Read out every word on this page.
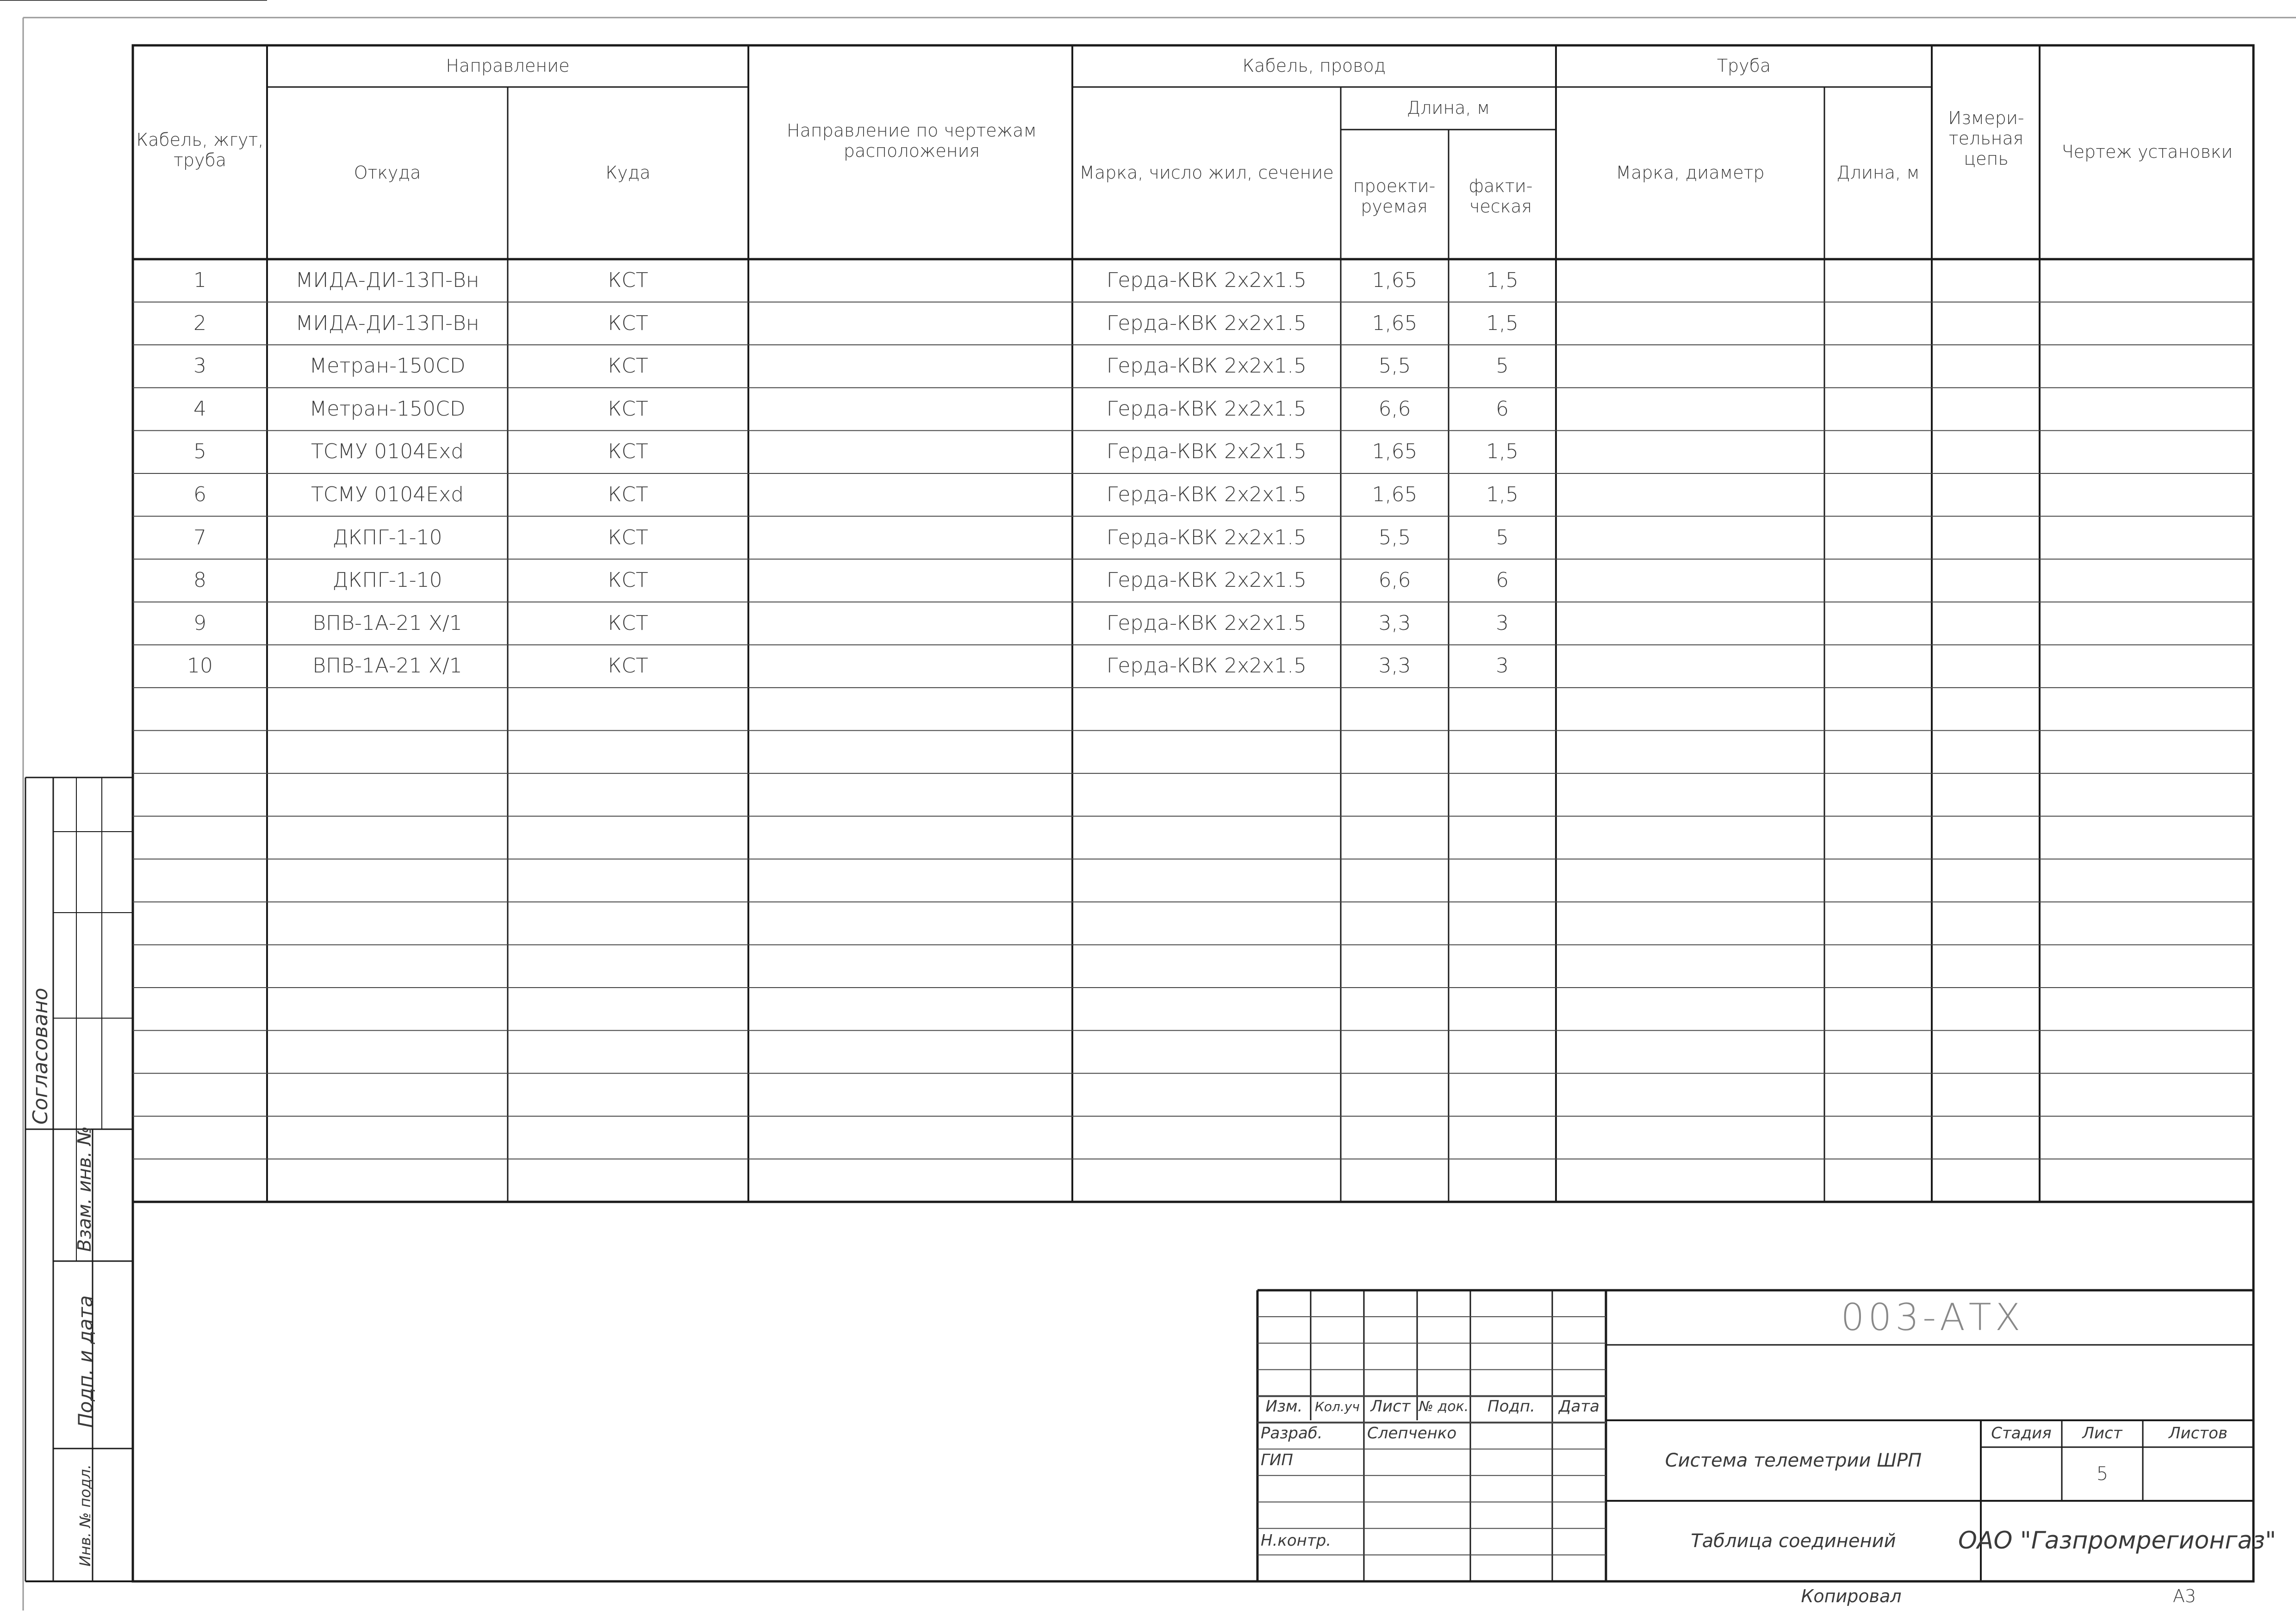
Кабель, жгут, труба
Направление
Откуда	Куда
Направление по чертежам расположения
Кабель, провод
Марка, число жил, сечение
Длина, м
проекти- руемая
факти- ческая
Труба
Марка, диаметр	Длина, м
Измери- тельная цепь	Чертеж установки
Согласовано
Взам. инв. №
Подп. и дата
Инв. № подл.
003-АТХ
Изм. Кол.уч Лист № док.	Подп.	Дата
Разраб.	Слепченко
ГИП
Н.контр.
Система телеметрии ШРП
Таблица соединений
Стадия	Лист	Листов
5
ОАО "Газпромрегионгаз"
Копировал	А3
1	МИДА-ДИ-13П-Вн	КСТ	Герда-КВК 2х2х1.5	1,65	1,5
2	МИДА-ДИ-13П-Вн	КСТ	Герда-КВК 2х2х1.5	1,65	1,5
3	Метран-150CD	КСТ	Герда-КВК 2х2х1.5	5,5	5
4	Метран-150CD	КСТ	Герда-КВК 2х2х1.5	6,6	6
5	ТСМУ 0104Exd	КСТ	Герда-КВК 2х2х1.5	1,65	1,5
6	ТСМУ 0104Exd	КСТ	Герда-КВК 2х2х1.5	1,65	1,5
7	ДКПГ-1-10	КСТ	Герда-КВК 2х2х1.5	5,5	5
8	ДКПГ-1-10	КСТ	Герда-КВК 2х2х1.5	6,6	6
9	ВПВ-1А-21 Х/1	КСТ	Герда-КВК 2х2х1.5	3,3	3
10	ВПВ-1А-21 Х/1	КСТ	Герда-КВК 2х2х1.5	3,3	3
